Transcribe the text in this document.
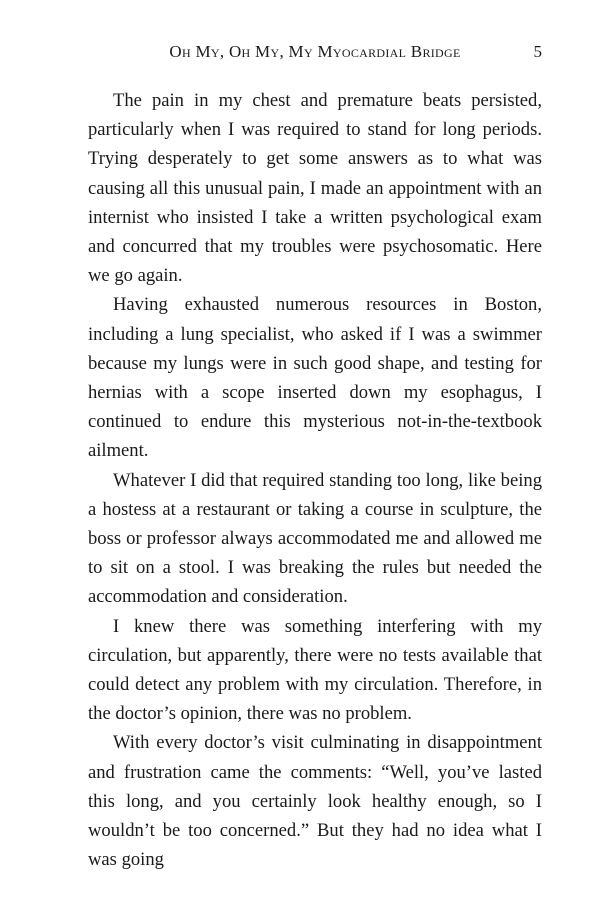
Oh My, Oh My, My Myocardial Bridge	5

The pain in my chest and premature beats persisted, particularly when I was required to stand for long periods. Trying desperately to get some answers as to what was causing all this unusual pain, I made an appointment with an internist who insisted I take a written psychological exam and concurred that my troubles were psychosomatic. Here we go again.

Having exhausted numerous resources in Boston, including a lung specialist, who asked if I was a swimmer because my lungs were in such good shape, and testing for hernias with a scope inserted down my esophagus, I continued to endure this mysterious not-in-the-textbook ailment.

Whatever I did that required standing too long, like being a hostess at a restaurant or taking a course in sculpture, the boss or professor always accommodated me and allowed me to sit on a stool. I was breaking the rules but needed the accommodation and consideration.

I knew there was something interfering with my circulation, but apparently, there were no tests available that could detect any problem with my circulation. Therefore, in the doctor’s opinion, there was no problem.

With every doctor’s visit culminating in disappointment and frustration came the comments: “Well, you’ve lasted this long, and you certainly look healthy enough, so I wouldn’t be too concerned.” But they had no idea what I was going
